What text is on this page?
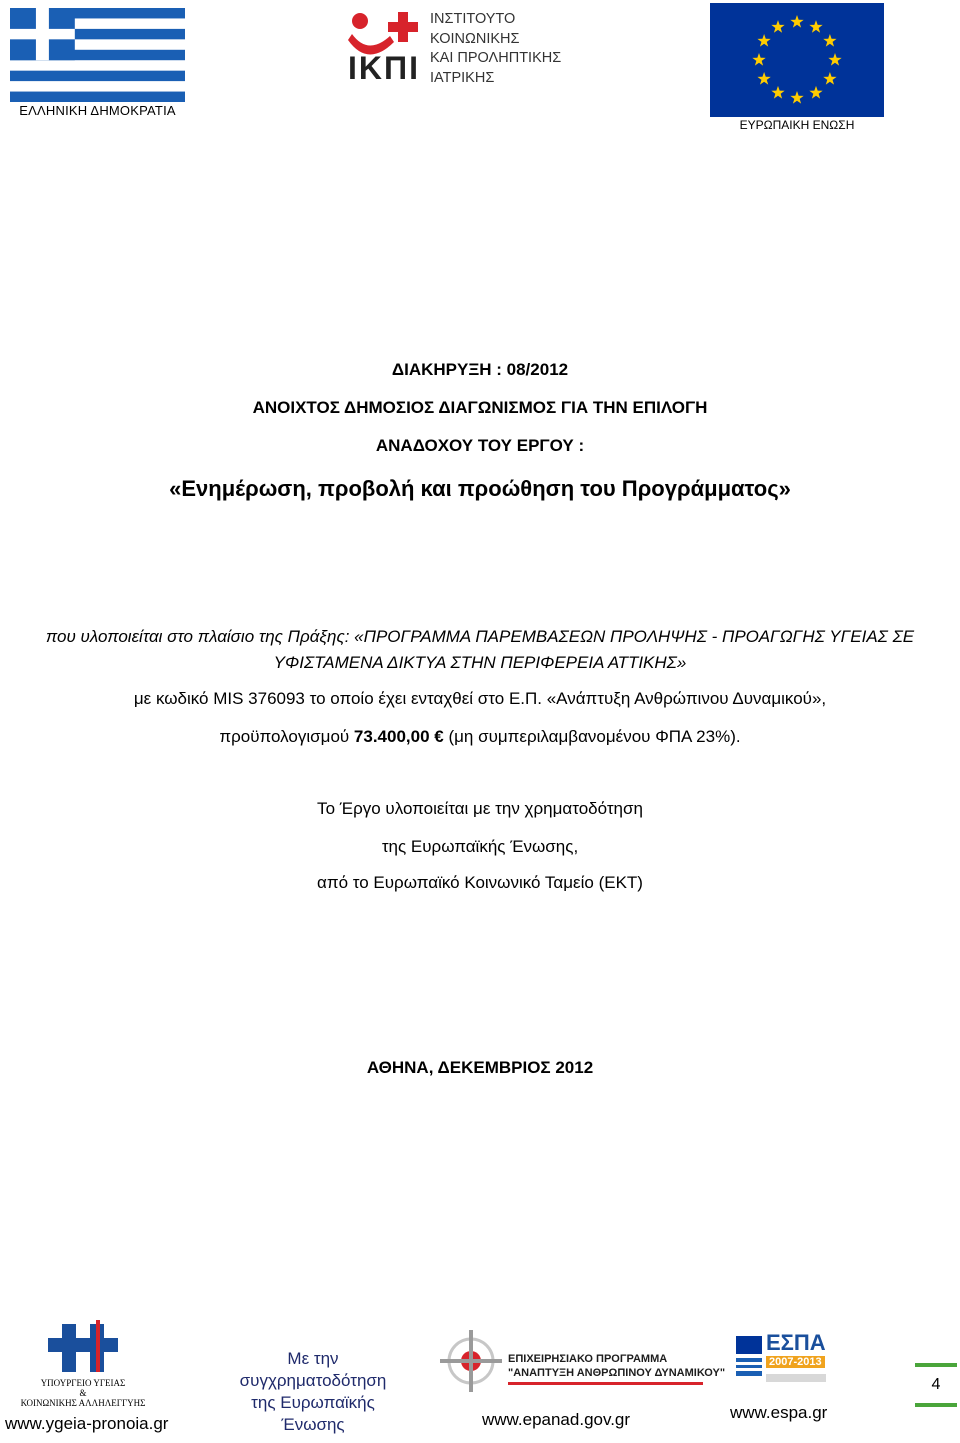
ΕΛΛΗΝΙΚΗ ΔΗΜΟΚΡΑΤΙΑ
ΙΚΠΙ
ΙΝΣΤΙΤΟΥΤΟ
ΚΟΙΝΩΝΙΚΗΣ
ΚΑΙ ΠΡΟΛΗΠΤΙΚΗΣ
ΙΑΤΡΙΚΗΣ
ΕΥΡΩΠΑΙΚΗ ΕΝΩΣΗ
ΔΙΑΚΗΡΥΞΗ : 08/2012
ΑΝΟΙΧΤΟΣ ΔΗΜΟΣΙΟΣ ΔΙΑΓΩΝΙΣΜΟΣ ΓΙΑ ΤΗΝ ΕΠΙΛΟΓΗ
ΑΝΑΔΟΧΟΥ ΤΟΥ ΕΡΓΟΥ :
«Ενημέρωση, προβολή και προώθηση του Προγράμματος»
που υλοποιείται στο πλαίσιο της Πράξης: «ΠΡΟΓΡΑΜΜΑ ΠΑΡΕΜΒΑΣΕΩΝ ΠΡΟΛΗΨΗΣ - ΠΡΟΑΓΩΓΗΣ ΥΓΕΙΑΣ ΣΕ
ΥΦΙΣΤΑΜΕΝΑ ΔΙΚΤΥΑ ΣΤΗΝ ΠΕΡΙΦΕΡΕΙΑ ΑΤΤΙΚΗΣ»
με κωδικό MIS 376093 το οποίο έχει ενταχθεί στο Ε.Π. «Ανάπτυξη Ανθρώπινου Δυναμικού»,
προϋπολογισμού 73.400,00 € (μη συμπεριλαμβανομένου ΦΠΑ 23%).
Το Έργο υλοποιείται με την χρηματοδότηση
της Ευρωπαϊκής Ένωσης,
από το Ευρωπαϊκό Κοινωνικό Ταμείο (ΕΚΤ)
ΑΘΗΝΑ, ΔΕΚΕΜΒΡΙΟΣ 2012
ΥΠΟΥΡΓΕΙΟ ΥΓΕΙΑΣ
&
ΚΟΙΝΩΝΙΚΗΣ ΑΛΛΗΛΕΓΓΥΗΣ
www.ygeia-pronoia.gr
Με την
συγχρηματοδότηση
της Ευρωπαϊκής
Ένωσης
ΕΠΙΧΕΙΡΗΣΙΑΚΟ ΠΡΟΓΡΑΜΜΑ
"ΑΝΑΠΤΥΞΗ ΑΝΘΡΩΠΙΝΟΥ ΔΥΝΑΜΙΚΟΥ"
www.epanad.gov.gr
ΕΣΠΑ
2007-2013
www.espa.gr
4
